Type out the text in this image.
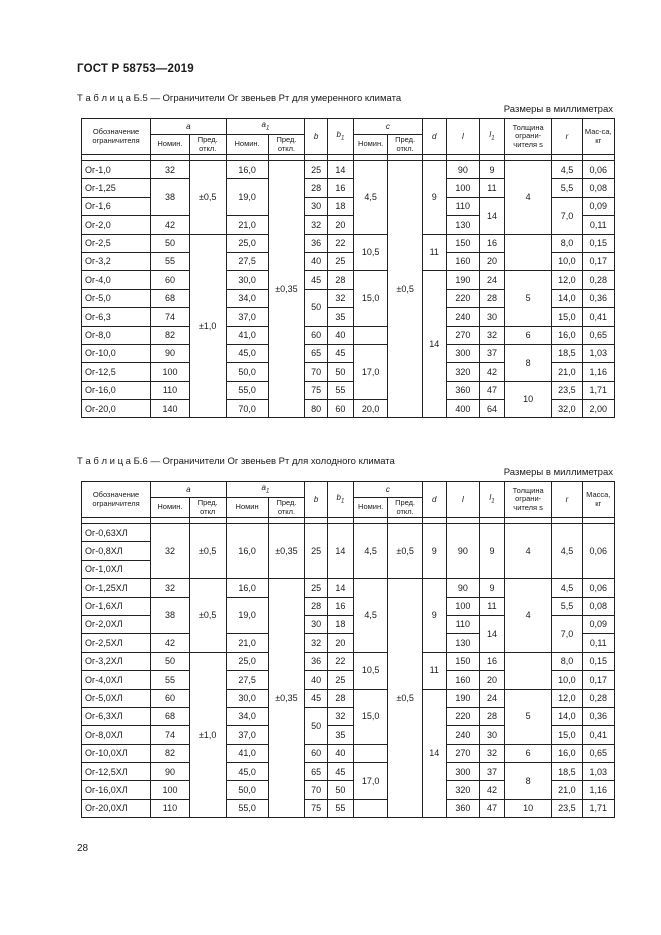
ГОСТ Р 58753—2019
Т а б л и ц а Б.5 — Ограничители Ог звеньев Рт для умеренного климата
Размеры в миллиметрах
Обозначение ограничителя	a		$a_1$		b	$b_1$	c		d	l	$l_1$	Толщина ограни-чителя s	r	Мас-са, кг
	Номин.	Пред. откл.	Номин.	Пред. откл.			Номин.	Пред. откл.						

Ог-1,0	32	±0,5	16,0	±0,35	25	14	4,5	±0,5	9	90	9	4	4,5	0,06
Ог-1,25	38		19,0		28	16				100	11		5,5	0,08
Ог-1,6					30	18				110	14		7,0	0,09
Ог-2,0	42		21,0		32	20				130				0,11
Ог-2,5	50	±1,0	25,0		36	22	10,5		11	150	16		8,0	0,15
Ог-3,2	55		27,5		40	25				160	20		10,0	0,17
Ог-4,0	60		30,0		45	28	15,0		14	190	24	5	12,0	0,28
Ог-5,0	68		34,0		50	32				220	28		14,0	0,36
Ог-6,3	74		37,0			35				240	30		15,0	0,41
Ог-8,0	82		41,0		60	40				270	32	6	16,0	0,65
Ог-10,0	90		45,0		65	45	17,0			300	37	8	18,5	1,03
Ог-12,5	100		50,0		70	50				320	42		21,0	1,16
Ог-16,0	110		55,0		75	55				360	47	10	23,5	1,71
Ог-20,0	140		70,0		80	60	20,0			400	64		32,0	2,00
Т а б л и ц а Б.6 — Ограничители Ог звеньев Рт для холодного климата
Размеры в миллиметрах
Обозначение ограничителя	a		$a_1$		b	$b_1$	c		d	l	$l_1$	Толщина ограни-чителя s	r	Масса, кг
	Номин.	Пред. откл	Номин	Пред. откл.			Номин.	Пред. откл.						

Ог-0,63ХЛ	32	±0,5	16,0	±0,35	25	14	4,5	±0,5	9	90	9	4	4,5	0,06
Ог-0,8ХЛ														
Ог-1,0ХЛ														
Ог-1,25ХЛ	32	±0,5	16,0	±0,35	25	14	4,5	±0,5	9	90	9	4	4,5	0,06
Ог-1,6ХЛ	38		19,0		28	16				100	11		5,5	0,08
Ог-2,0ХЛ					30	18				110	14		7,0	0,09
Ог-2,5ХЛ	42		21,0		32	20				130				0,11
Ог-3,2ХЛ	50	±1,0	25,0		36	22	10,5		11	150	16		8,0	0,15
Ог-4,0ХЛ	55		27,5		40	25				160	20		10,0	0,17
Ог-5,0ХЛ	60		30,0		45	28	15,0		14	190	24	5	12,0	0,28
Ог-6,3ХЛ	68		34,0		50	32				220	28		14,0	0,36
Ог-8,0ХЛ	74		37,0			35				240	30		15,0	0,41
Ог-10,0ХЛ	82		41,0		60	40				270	32	6	16,0	0,65
Ог-12,5ХЛ	90		45,0		65	45	17,0			300	37	8	18,5	1,03
Ог-16,0ХЛ	100		50,0		70	50				320	42		21,0	1,16
Ог-20,0ХЛ	110		55,0		75	55				360	47	10	23,5	1,71
28
